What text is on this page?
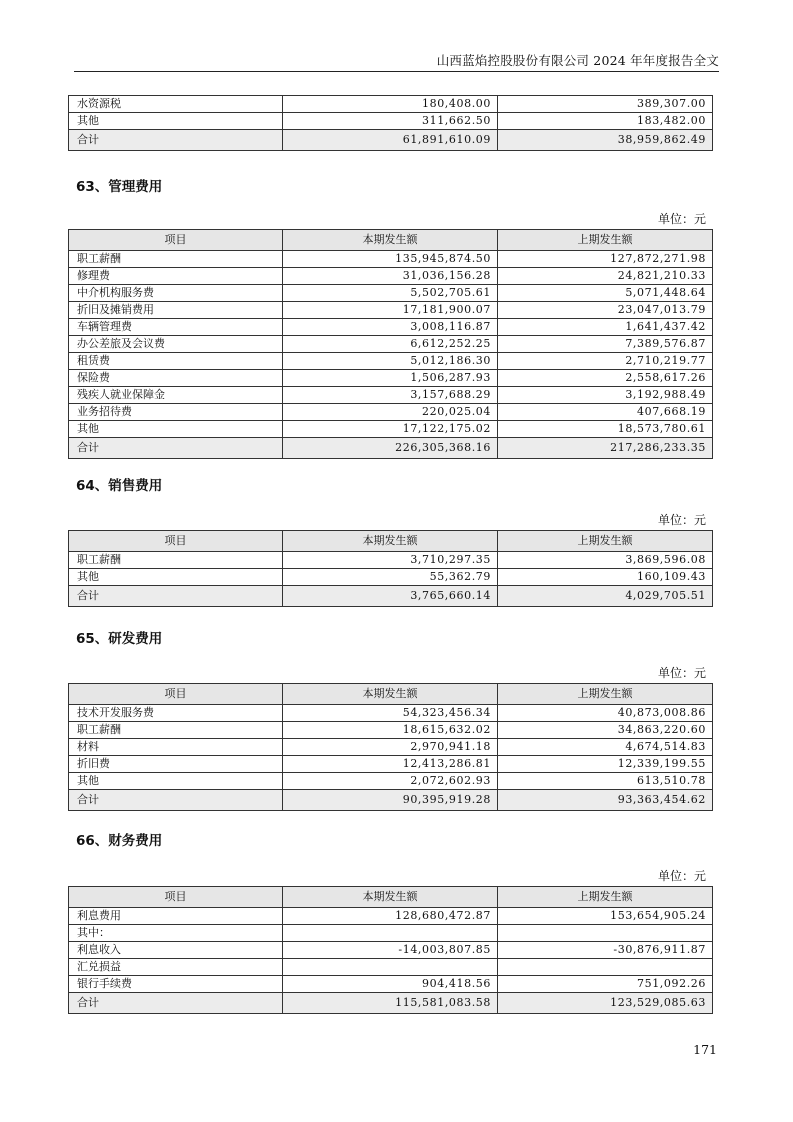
山西蓝焰控股股份有限公司 2024 年年度报告全文
水资源税	180,408.00	389,307.00
其他	311,662.50	183,482.00
合计	61,891,610.09	38,959,862.49
63、管理费用
单位：元
项目	本期发生额	上期发生额
职工薪酬	135,945,874.50	127,872,271.98
修理费	31,036,156.28	24,821,210.33
中介机构服务费	5,502,705.61	5,071,448.64
折旧及摊销费用	17,181,900.07	23,047,013.79
车辆管理费	3,008,116.87	1,641,437.42
办公差旅及会议费	6,612,252.25	7,389,576.87
租赁费	5,012,186.30	2,710,219.77
保险费	1,506,287.93	2,558,617.26
残疾人就业保障金	3,157,688.29	3,192,988.49
业务招待费	220,025.04	407,668.19
其他	17,122,175.02	18,573,780.61
合计	226,305,368.16	217,286,233.35
64、销售费用
单位：元
项目	本期发生额	上期发生额
职工薪酬	3,710,297.35	3,869,596.08
其他	55,362.79	160,109.43
合计	3,765,660.14	4,029,705.51
65、研发费用
单位：元
项目	本期发生额	上期发生额
技术开发服务费	54,323,456.34	40,873,008.86
职工薪酬	18,615,632.02	34,863,220.60
材料	2,970,941.18	4,674,514.83
折旧费	12,413,286.81	12,339,199.55
其他	2,072,602.93	613,510.78
合计	90,395,919.28	93,363,454.62
66、财务费用
单位：元
项目	本期发生额	上期发生额
利息费用	128,680,472.87	153,654,905.24
其中：		
利息收入	-14,003,807.85	-30,876,911.87
汇兑损益		
银行手续费	904,418.56	751,092.26
合计	115,581,083.58	123,529,085.63
171
